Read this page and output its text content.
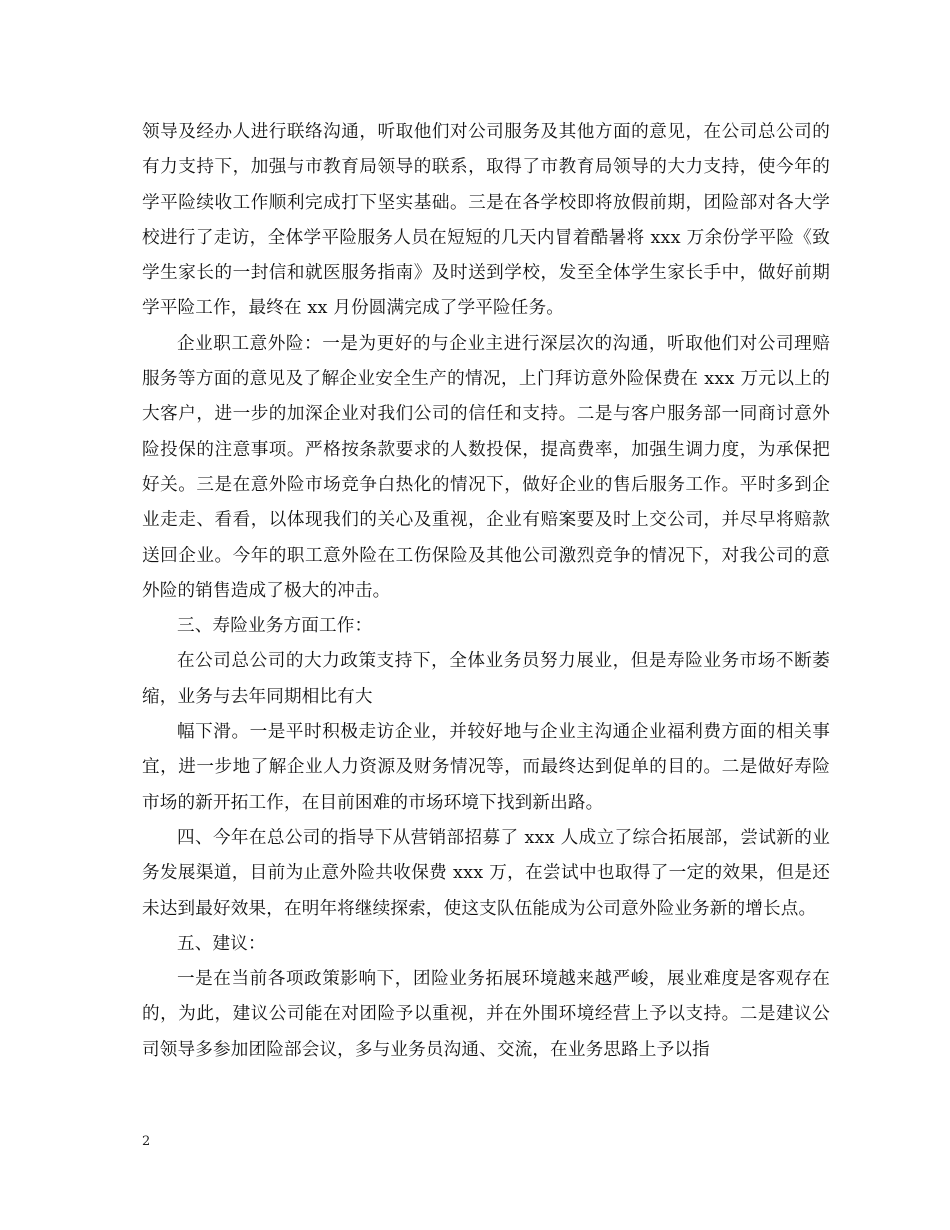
领导及经办人进行联络沟通，听取他们对公司服务及其他方面的意见，在公司总公司的有力支持下，加强与市教育局领导的联系，取得了市教育局领导的大力支持，使今年的学平险续收工作顺利完成打下坚实基础。三是在各学校即将放假前期，团险部对各大学校进行了走访，全体学平险服务人员在短短的几天内冒着酷暑将 xxx 万余份学平险《致学生家长的一封信和就医服务指南》及时送到学校，发至全体学生家长手中，做好前期学平险工作，最终在 xx 月份圆满完成了学平险任务。

企业职工意外险：一是为更好的与企业主进行深层次的沟通，听取他们对公司理赔服务等方面的意见及了解企业安全生产的情况，上门拜访意外险保费在 xxx 万元以上的大客户，进一步的加深企业对我们公司的信任和支持。二是与客户服务部一同商讨意外险投保的注意事项。严格按条款要求的人数投保，提高费率，加强生调力度，为承保把好关。三是在意外险市场竞争白热化的情况下，做好企业的售后服务工作。平时多到企业走走、看看，以体现我们的关心及重视，企业有赔案要及时上交公司，并尽早将赔款送回企业。今年的职工意外险在工伤保险及其他公司激烈竞争的情况下，对我公司的意外险的销售造成了极大的冲击。

三、寿险业务方面工作：

在公司总公司的大力政策支持下，全体业务员努力展业，但是寿险业务市场不断萎缩，业务与去年同期相比有大

幅下滑。一是平时积极走访企业，并较好地与企业主沟通企业福利费方面的相关事宜，进一步地了解企业人力资源及财务情况等，而最终达到促单的目的。二是做好寿险市场的新开拓工作，在目前困难的市场环境下找到新出路。

四、今年在总公司的指导下从营销部招募了 xxx 人成立了综合拓展部，尝试新的业务发展渠道，目前为止意外险共收保费 xxx 万，在尝试中也取得了一定的效果，但是还未达到最好效果，在明年将继续探索，使这支队伍能成为公司意外险业务新的增长点。

五、建议：

一是在当前各项政策影响下，团险业务拓展环境越来越严峻，展业难度是客观存在的，为此，建议公司能在对团险予以重视，并在外围环境经营上予以支持。二是建议公司领导多参加团险部会议，多与业务员沟通、交流，在业务思路上予以指

2
